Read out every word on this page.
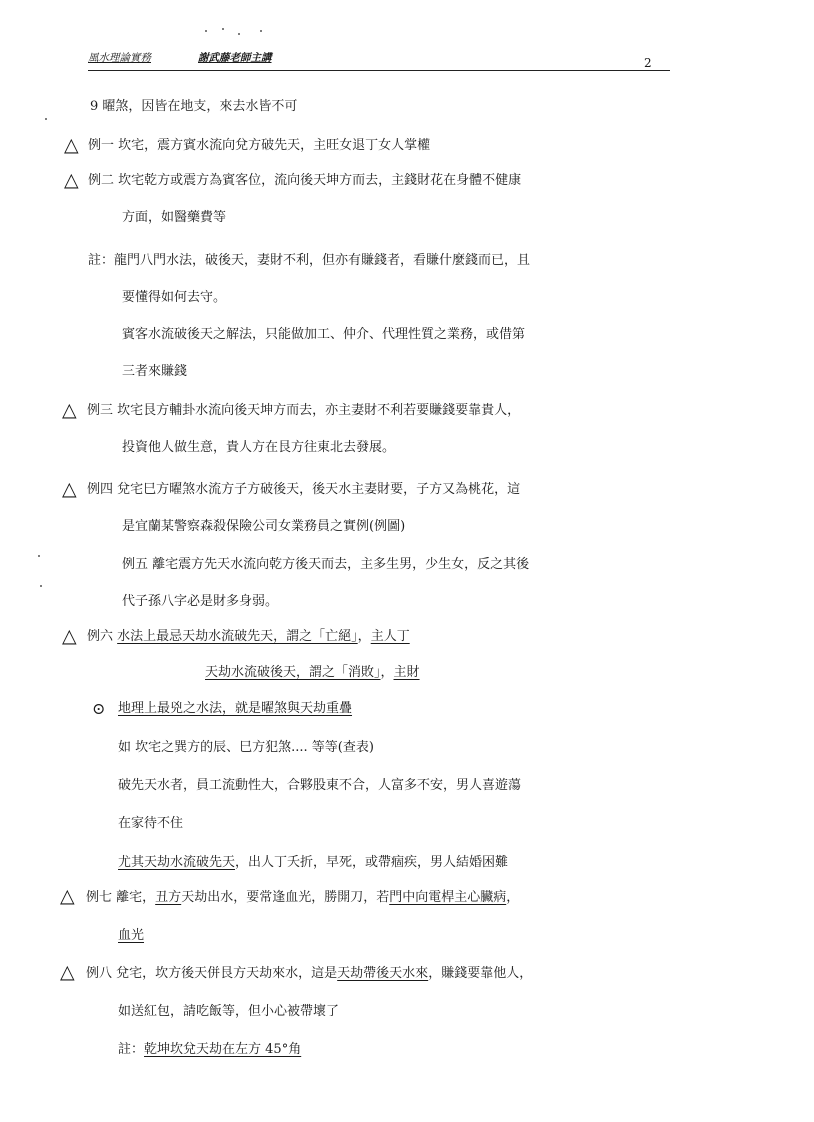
風水理論實務	謝武藤老師主講	2
9 曜煞，因皆在地支，來去水皆不可
△ 例一 坎宅，震方賓水流向兌方破先天，主旺女退丁女人掌權
△ 例二 坎宅乾方或震方為賓客位，流向後天坤方而去，主錢財花在身體不健康
方面，如醫藥費等
註：龍門八門水法，破後天，妻財不利，但亦有賺錢者，看賺什麼錢而已，且
要懂得如何去守。
賓客水流破後天之解法，只能做加工、仲介、代理性質之業務，或借第
三者來賺錢
△ 例三 坎宅艮方輔卦水流向後天坤方而去，亦主妻財不利若要賺錢要靠貴人，
投資他人做生意，貴人方在艮方往東北去發展。
△ 例四 兌宅巳方曜煞水流方子方破後天，後天水主妻財要，子方又為桃花，這
是宜蘭某警察森殺保險公司女業務員之實例(例圖)
例五 離宅震方先天水流向乾方後天而去，主多生男，少生女，反之其後
代子孫八字必是財多身弱。
△ 例六 水法上最忌天劫水流破先天，謂之「亡絕」，主人丁
天劫水流破後天，謂之「消敗」，主財
⊙ 地理上最兇之水法，就是曜煞與天劫重疊
如 坎宅之巽方的辰、巳方犯煞.... 等等(查表)
破先天水者，員工流動性大，合夥股東不合，人富多不安，男人喜遊蕩
在家待不住
尤其天劫水流破先天，出人丁夭折，早死，或帶痼疾，男人結婚困難
△ 例七 離宅，丑方天劫出水，要常逢血光，勝開刀，若門中向電桿主心臟病，
血光
△ 例八 兌宅，坎方後天併艮方天劫來水，這是天劫帶後天水來，賺錢要靠他人，
如送紅包，請吃飯等，但小心被帶壞了
註：乾坤坎兌天劫在左方 45°角
